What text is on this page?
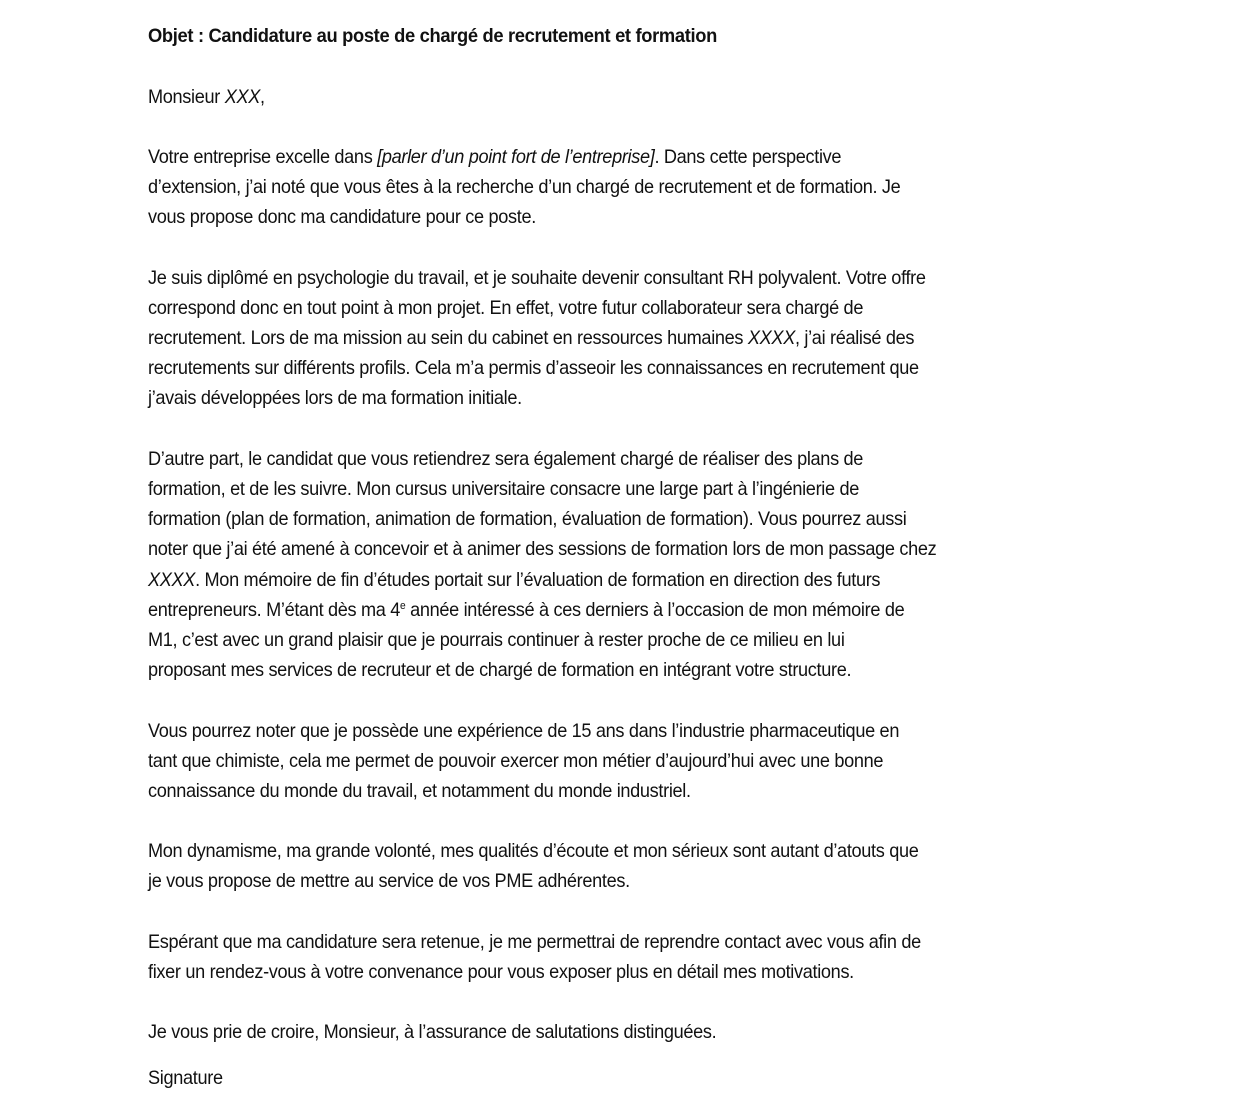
Objet : Candidature au poste de chargé de recrutement et formation
Monsieur XXX,
Votre entreprise excelle dans [parler d’un point fort de l’entreprise]. Dans cette perspective
d’extension, j’ai noté que vous êtes à la recherche d’un chargé de recrutement et de formation. Je
vous propose donc ma candidature pour ce poste.
Je suis diplômé en psychologie du travail, et je souhaite devenir consultant RH polyvalent. Votre offre
correspond donc en tout point à mon projet. En effet, votre futur collaborateur sera chargé de
recrutement. Lors de ma mission au sein du cabinet en ressources humaines XXXX, j’ai réalisé des
recrutements sur différents profils. Cela m’a permis d’asseoir les connaissances en recrutement que
j’avais développées lors de ma formation initiale.
D’autre part, le candidat que vous retiendrez sera également chargé de réaliser des plans de
formation, et de les suivre. Mon cursus universitaire consacre une large part à l’ingénierie de
formation (plan de formation, animation de formation, évaluation de formation). Vous pourrez aussi
noter que j’ai été amené à concevoir et à animer des sessions de formation lors de mon passage chez
XXXX. Mon mémoire de fin d’études portait sur l’évaluation de formation en direction des futurs
entrepreneurs. M’étant dès ma 4e année intéressé à ces derniers à l’occasion de mon mémoire de
M1, c’est avec un grand plaisir que je pourrais continuer à rester proche de ce milieu en lui
proposant mes services de recruteur et de chargé de formation en intégrant votre structure.
Vous pourrez noter que je possède une expérience de 15 ans dans l’industrie pharmaceutique en
tant que chimiste, cela me permet de pouvoir exercer mon métier d’aujourd’hui avec une bonne
connaissance du monde du travail, et notamment du monde industriel.
Mon dynamisme, ma grande volonté, mes qualités d’écoute et mon sérieux sont autant d’atouts que
je vous propose de mettre au service de vos PME adhérentes.
Espérant que ma candidature sera retenue, je me permettrai de reprendre contact avec vous afin de
fixer un rendez-vous à votre convenance pour vous exposer plus en détail mes motivations.
Je vous prie de croire, Monsieur, à l’assurance de salutations distinguées.
Signature
